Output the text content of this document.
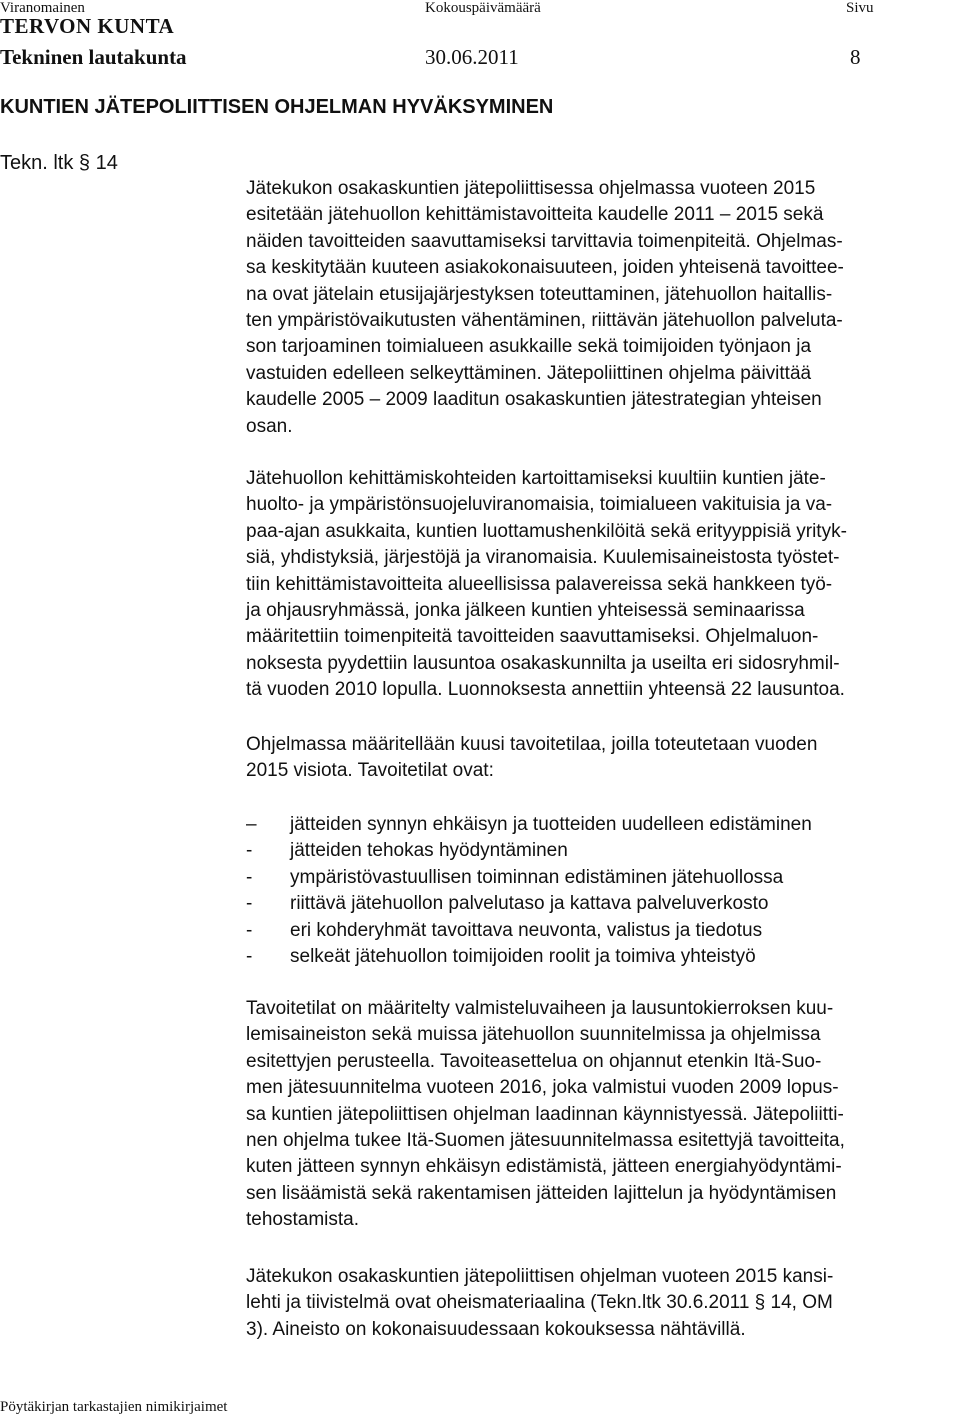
Viranomainen	Kokouspäivämäärä	Sivu
TERVON KUNTA
Tekninen lautakunta	30.06.2011	8
KUNTIEN JÄTEPOLIITTISEN OHJELMAN HYVÄKSYMINEN
Tekn. ltk § 14
Jätekukon osakaskuntien jätepoliittisessa ohjelmassa vuoteen 2015
esitetään jätehuollon kehittämistavoitteita kaudelle 2011 – 2015 sekä
näiden tavoitteiden saavuttamiseksi tarvittavia toimenpiteitä. Ohjelmas-
sa keskitytään kuuteen asiakokonaisuuteen, joiden yhteisenä tavoittee-
na ovat jätelain etusijajärjestyksen toteuttaminen, jätehuollon haitallis-
ten ympäristövaikutusten vähentäminen, riittävän jätehuollon palveluta-
son tarjoaminen toimialueen asukkaille sekä toimijoiden työnjaon ja
vastuiden edelleen selkeyttäminen. Jätepoliittinen ohjelma päivittää
kaudelle 2005 – 2009 laaditun osakaskuntien jätestrategian yhteisen
osan.
Jätehuollon kehittämiskohteiden kartoittamiseksi kuultiin kuntien jäte-
huolto- ja ympäristönsuojeluviranomaisia, toimialueen vakituisia ja va-
paa-ajan asukkaita, kuntien luottamushenkilöitä sekä erityyppisiä yrityk-
siä, yhdistyksiä, järjestöjä ja viranomaisia. Kuulemisaineistosta työstet-
tiin kehittämistavoitteita alueellisissa palavereissa sekä hankkeen työ-
ja ohjausryhmässä, jonka jälkeen kuntien yhteisessä seminaarissa
määritettiin toimenpiteitä tavoitteiden saavuttamiseksi. Ohjelmaluon-
noksesta pyydettiin lausuntoa osakaskunnilta ja useilta eri sidosryhmil-
tä vuoden 2010 lopulla. Luonnoksesta annettiin yhteensä 22 lausuntoa.
Ohjelmassa määritellään kuusi tavoitetilaa, joilla toteutetaan vuoden
2015 visiota. Tavoitetilat ovat:
Tavoitetilat on määritelty valmisteluvaiheen ja lausuntokierroksen kuu-
lemisaineiston sekä muissa jätehuollon suunnitelmissa ja ohjelmissa
esitettyjen perusteella. Tavoiteasettelua on ohjannut etenkin Itä-Suo-
men jätesuunnitelma vuoteen 2016, joka valmistui vuoden 2009 lopus-
sa kuntien jätepoliittisen ohjelman laadinnan käynnistyessä. Jätepoliitti-
nen ohjelma tukee Itä-Suomen jätesuunnitelmassa esitettyjä tavoitteita,
kuten jätteen synnyn ehkäisyn edistämistä, jätteen energiahyödyntämi-
sen lisäämistä sekä rakentamisen jätteiden lajittelun ja hyödyntämisen
tehostamista.
Jätekukon osakaskuntien jätepoliittisen ohjelman vuoteen 2015 kansi-
lehti ja tiivistelmä ovat oheismateriaalina (Tekn.ltk 30.6.2011 § 14, OM
3). Aineisto on kokonaisuudessaan kokouksessa nähtävillä.
– jätteiden synnyn ehkäisyn ja tuotteiden uudelleen edistäminen
- jätteiden tehokas hyödyntäminen
- ympäristövastuullisen toiminnan edistäminen jätehuollossa
- riittävä jätehuollon palvelutaso ja kattava palveluverkosto
- eri kohderyhmät tavoittava neuvonta, valistus ja tiedotus
- selkeät jätehuollon toimijoiden roolit ja toimiva yhteistyö
Pöytäkirjan tarkastajien nimikirjaimet
